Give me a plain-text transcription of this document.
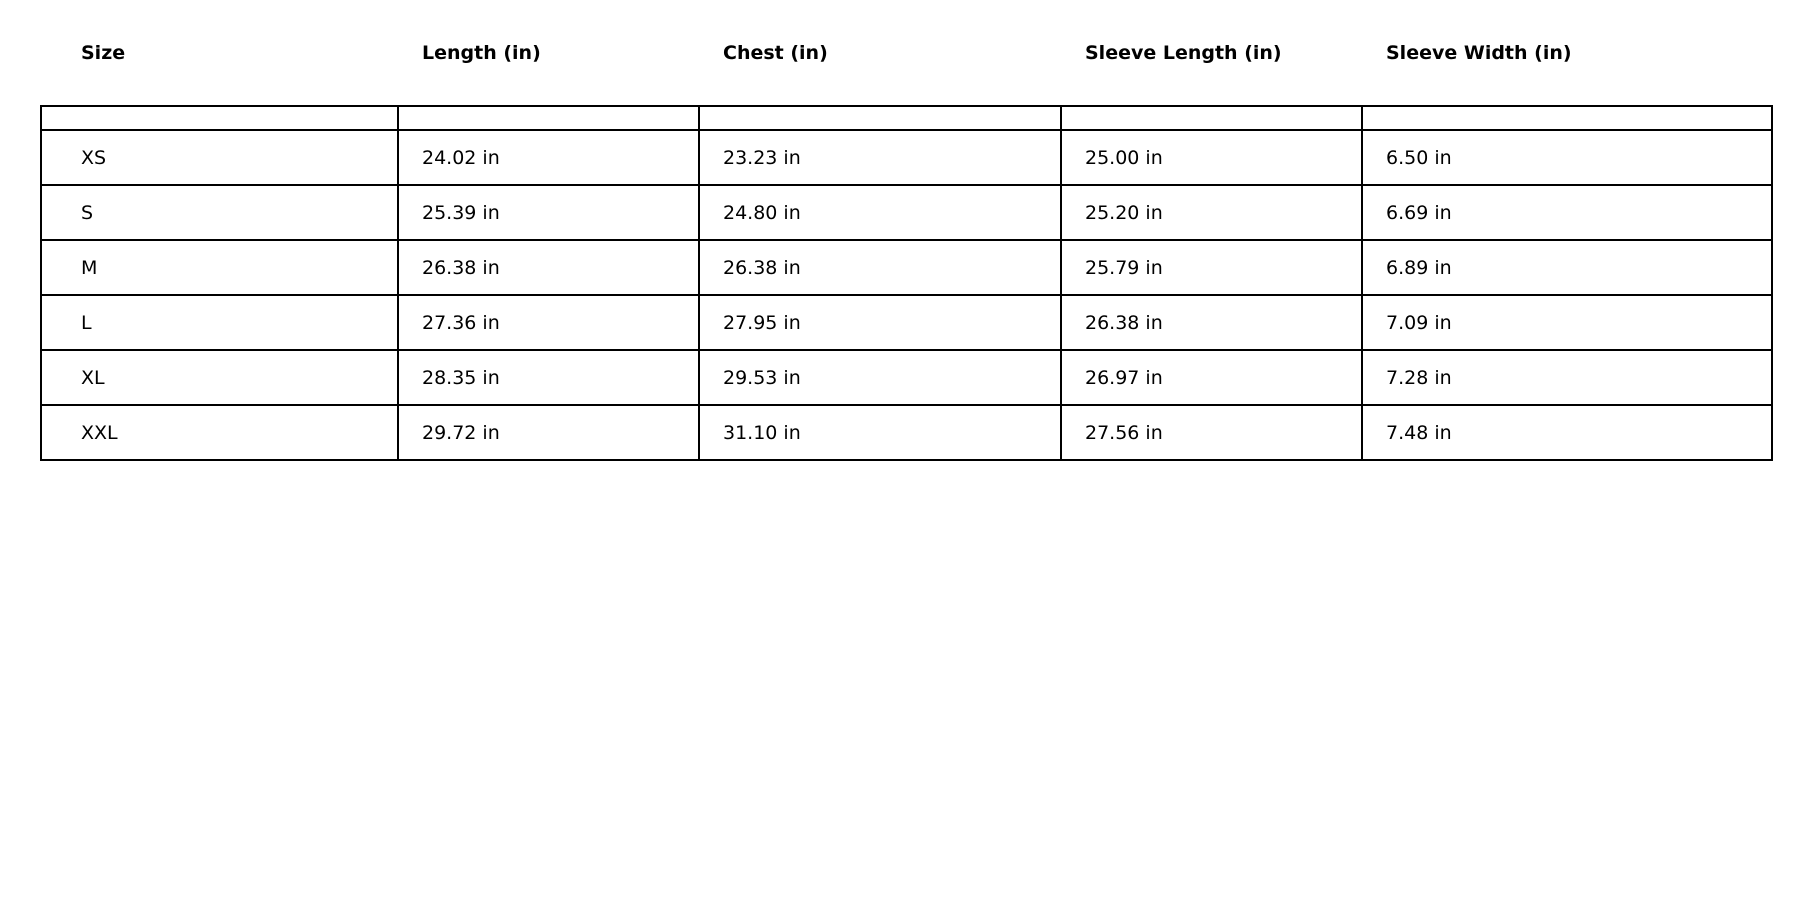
Size	Length (in)	Chest (in)	Sleeve Length (in)	Sleeve Width (in)

XS	24.02 in	23.23 in	25.00 in	6.50 in

S	25.39 in	24.80 in	25.20 in	6.69 in

M	26.38 in	26.38 in	25.79 in	6.89 in

L	27.36 in	27.95 in	26.38 in	7.09 in

XL	28.35 in	29.53 in	26.97 in	7.28 in

XXL	29.72 in	31.10 in	27.56 in	7.48 in
